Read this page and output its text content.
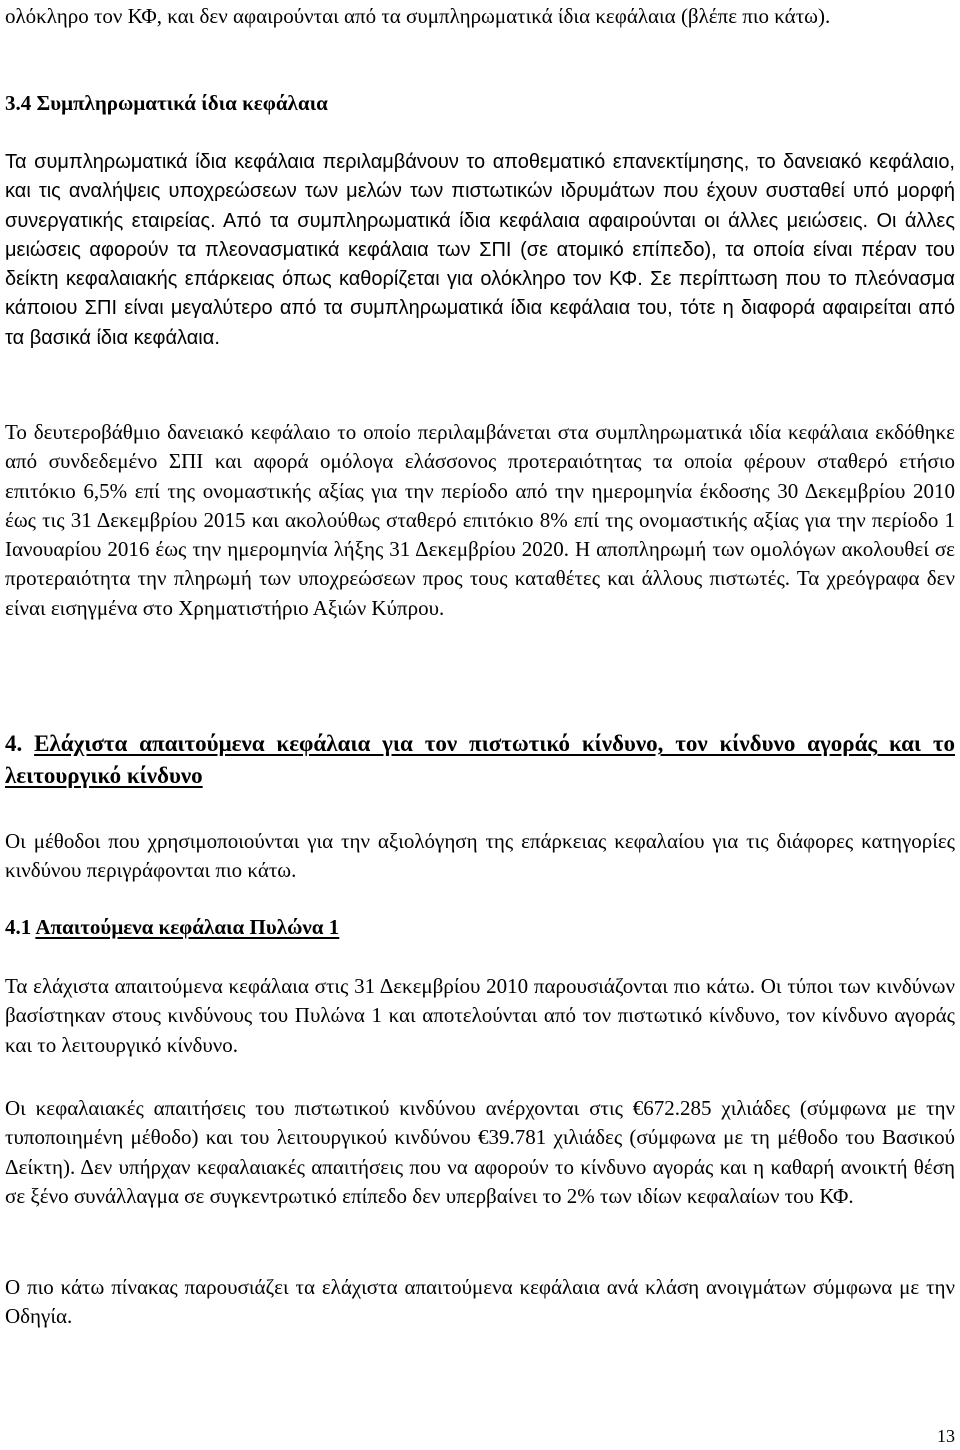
ολόκληρο τον ΚΦ, και δεν αφαιρούνται από τα συμπληρωματικά ίδια κεφάλαια (βλέπε πιο κάτω).

3.4 Συμπληρωματικά ίδια κεφάλαια

Τα συμπληρωματικά ίδια κεφάλαια περιλαμβάνουν το αποθεματικό επανεκτίμησης, το δανειακό κεφάλαιο, και τις αναλήψεις υποχρεώσεων των μελών των πιστωτικών ιδρυμάτων που έχουν συσταθεί υπό μορφή συνεργατικής εταιρείας. Από τα συμπληρωματικά ίδια κεφάλαια αφαιρούνται οι άλλες μειώσεις. Οι άλλες μειώσεις αφορούν τα πλεονασματικά κεφάλαια των ΣΠΙ (σε ατομικό επίπεδο), τα οποία είναι πέραν του δείκτη κεφαλαιακής επάρκειας όπως καθορίζεται για ολόκληρο τον ΚΦ. Σε περίπτωση που το πλεόνασμα κάποιου ΣΠΙ είναι μεγαλύτερο από τα συμπληρωματικά ίδια κεφάλαια του, τότε η διαφορά αφαιρείται από τα βασικά ίδια κεφάλαια.

Το δευτεροβάθμιο δανειακό κεφάλαιο το οποίο περιλαμβάνεται στα συμπληρωματικά ιδία κεφάλαια εκδόθηκε από συνδεδεμένο ΣΠΙ και αφορά ομόλογα ελάσσονος προτεραιότητας τα οποία φέρουν σταθερό ετήσιο επιτόκιο 6,5% επί της ονομαστικής αξίας για την περίοδο από την ημερομηνία έκδοσης 30 Δεκεμβρίου 2010 έως τις 31 Δεκεμβρίου 2015 και ακολούθως σταθερό επιτόκιο 8% επί της ονομαστικής αξίας για την περίοδο 1 Ιανουαρίου 2016 έως την ημερομηνία λήξης 31 Δεκεμβρίου 2020. Η αποπληρωμή των ομολόγων ακολουθεί σε προτεραιότητα την πληρωμή των υποχρεώσεων προς τους καταθέτες και άλλους πιστωτές. Τα χρεόγραφα δεν είναι εισηγμένα στο Χρηματιστήριο Αξιών Κύπρου.

4. Ελάχιστα απαιτούμενα κεφάλαια για τον πιστωτικό κίνδυνο, τον κίνδυνο αγοράς και το λειτουργικό κίνδυνο

Οι μέθοδοι που χρησιμοποιούνται για την αξιολόγηση της επάρκειας κεφαλαίου για τις διάφορες κατηγορίες κινδύνου περιγράφονται πιο κάτω.

4.1 Απαιτούμενα κεφάλαια Πυλώνα 1

Τα ελάχιστα απαιτούμενα κεφάλαια στις 31 Δεκεμβρίου 2010 παρουσιάζονται πιο κάτω. Οι τύποι των κινδύνων βασίστηκαν στους κινδύνους του Πυλώνα 1 και αποτελούνται από τον πιστωτικό κίνδυνο, τον κίνδυνο αγοράς και το λειτουργικό κίνδυνο.

Οι κεφαλαιακές απαιτήσεις του πιστωτικού κινδύνου ανέρχονται στις €672.285 χιλιάδες (σύμφωνα με την τυποποιημένη μέθοδο) και του λειτουργικού κινδύνου €39.781 χιλιάδες (σύμφωνα με τη μέθοδο του Βασικού Δείκτη). Δεν υπήρχαν κεφαλαιακές απαιτήσεις που να αφορούν το κίνδυνο αγοράς και η καθαρή ανοικτή θέση σε ξένο συνάλλαγμα σε συγκεντρωτικό επίπεδο δεν υπερβαίνει το 2% των ιδίων κεφαλαίων του ΚΦ.

Ο πιο κάτω πίνακας παρουσιάζει τα ελάχιστα απαιτούμενα κεφάλαια ανά κλάση ανοιγμάτων σύμφωνα με την Οδηγία.

13
